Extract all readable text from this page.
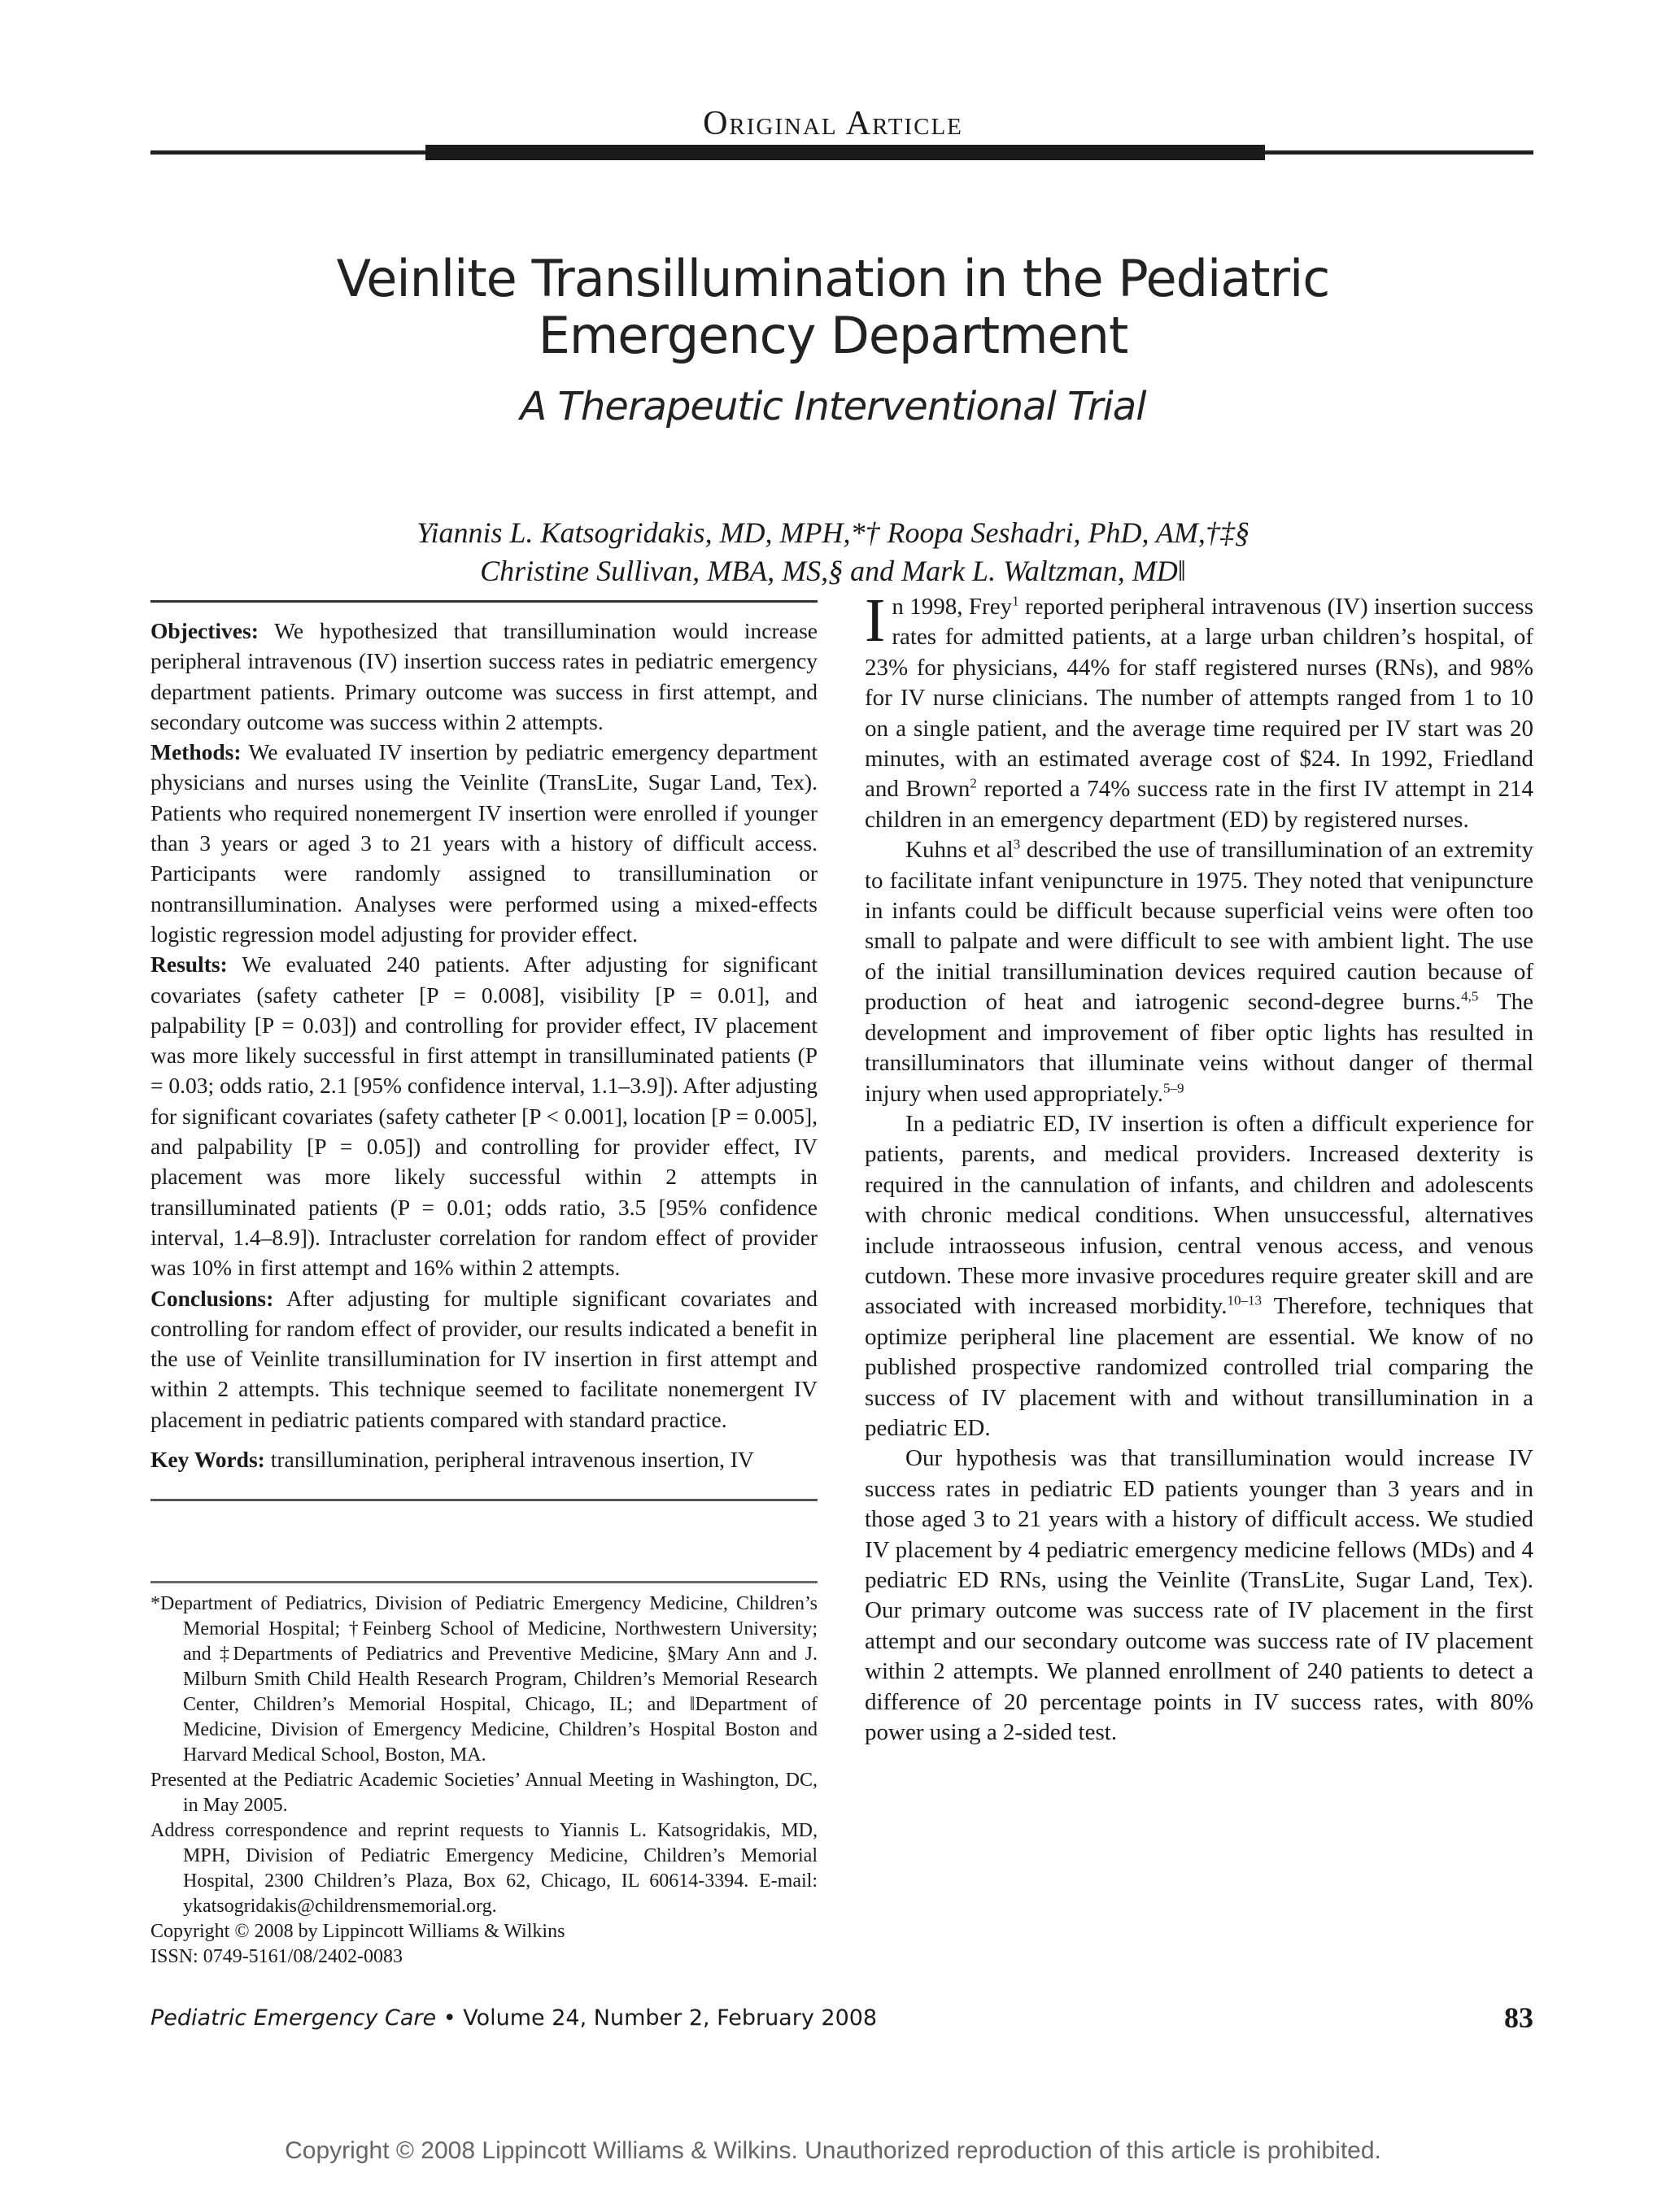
Original Article
Veinlite Transillumination in the Pediatric
Emergency Department
A Therapeutic Interventional Trial
Yiannis L. Katsogridakis, MD, MPH,*† Roopa Seshadri, PhD, AM,†‡§
Christine Sullivan, MBA, MS,§ and Mark L. Waltzman, MD‖

Objectives: We hypothesized that transillumination would increase peripheral intravenous (IV) insertion success rates in pediatric emergency department patients. Primary outcome was success in first attempt, and secondary outcome was success within 2 attempts.

Methods: We evaluated IV insertion by pediatric emergency department physicians and nurses using the Veinlite (TransLite, Sugar Land, Tex). Patients who required nonemergent IV insertion were enrolled if younger than 3 years or aged 3 to 21 years with a history of difficult access. Participants were randomly assigned to transillumination or nontransillumination. Analyses were performed using a mixed-effects logistic regression model adjusting for provider effect.

Results: We evaluated 240 patients. After adjusting for significant covariates (safety catheter [P = 0.008], visibility [P = 0.01], and palpability [P = 0.03]) and controlling for provider effect, IV placement was more likely successful in first attempt in transilluminated patients (P = 0.03; odds ratio, 2.1 [95% confidence interval, 1.1–3.9]). After adjusting for significant covariates (safety catheter [P < 0.001], location [P = 0.005], and palpability [P = 0.05]) and controlling for provider effect, IV placement was more likely successful within 2 attempts in transilluminated patients (P = 0.01; odds ratio, 3.5 [95% confidence interval, 1.4–8.9]). Intracluster correlation for random effect of provider was 10% in first attempt and 16% within 2 attempts.

Conclusions: After adjusting for multiple significant covariates and controlling for random effect of provider, our results indicated a benefit in the use of Veinlite transillumination for IV insertion in first attempt and within 2 attempts. This technique seemed to facilitate nonemergent IV placement in pediatric patients compared with standard practice.

Key Words: transillumination, peripheral intravenous insertion, IV

*Department of Pediatrics, Division of Pediatric Emergency Medicine, Children’s Memorial Hospital; †Feinberg School of Medicine, Northwestern University; and ‡Departments of Pediatrics and Preventive Medicine, §Mary Ann and J. Milburn Smith Child Health Research Program, Children’s Memorial Research Center, Children’s Memorial Hospital, Chicago, IL; and ‖Department of Medicine, Division of Emergency Medicine, Children’s Hospital Boston and Harvard Medical School, Boston, MA.

Presented at the Pediatric Academic Societies’ Annual Meeting in Washington, DC, in May 2005.

Address correspondence and reprint requests to Yiannis L. Katsogridakis, MD, MPH, Division of Pediatric Emergency Medicine, Children’s Memorial Hospital, 2300 Children’s Plaza, Box 62, Chicago, IL 60614-3394. E-mail: ykatsogridakis@childrensmemorial.org.

Copyright © 2008 by Lippincott Williams & Wilkins

ISSN: 0749-5161/08/2402-0083

In 1998, Frey$^1$ reported peripheral intravenous (IV) insertion success rates for admitted patients, at a large urban children’s hospital, of 23% for physicians, 44% for staff registered nurses (RNs), and 98% for IV nurse clinicians. The number of attempts ranged from 1 to 10 on a single patient, and the average time required per IV start was 20 minutes, with an estimated average cost of $24. In 1992, Friedland and Brown$^2$ reported a 74% success rate in the first IV attempt in 214 children in an emergency department (ED) by registered nurses.

Kuhns et $al^3$ described the use of transillumination of an extremity to facilitate infant venipuncture in 1975. They noted that venipuncture in infants could be difficult because superficial veins were often too small to palpate and were difficult to see with ambient light. The use of the initial transillumination devices required caution because of production of heat and iatrogenic second-degree burns.$^{4,5}$ The development and improvement of fiber optic lights has resulted in transilluminators that illuminate veins without danger of thermal injury when used appropriately.$^{5-9}$

In a pediatric ED, IV insertion is often a difficult experience for patients, parents, and medical providers. Increased dexterity is required in the cannulation of infants, and children and adolescents with chronic medical conditions. When unsuccessful, alternatives include intraosseous infusion, central venous access, and venous cutdown. These more invasive procedures require greater skill and are associated with increased morbidity.$^{10-13}$ Therefore, techniques that optimize peripheral line placement are essential. We know of no published prospective randomized controlled trial comparing the success of IV placement with and without transillumination in a pediatric ED.

Our hypothesis was that transillumination would increase IV success rates in pediatric ED patients younger than 3 years and in those aged 3 to 21 years with a history of difficult access. We studied IV placement by 4 pediatric emergency medicine fellows (MDs) and 4 pediatric ED RNs, using the Veinlite (TransLite, Sugar Land, Tex). Our primary outcome was success rate of IV placement in the first attempt and our secondary outcome was success rate of IV placement within 2 attempts. We planned enrollment of 240 patients to detect a difference of 20 percentage points in IV success rates, with 80% power using a 2-sided test.

Pediatric Emergency Care • Volume 24, Number 2, February 2008	83
Copyright © 2008 Lippincott Williams & Wilkins. Unauthorized reproduction of this article is prohibited.
